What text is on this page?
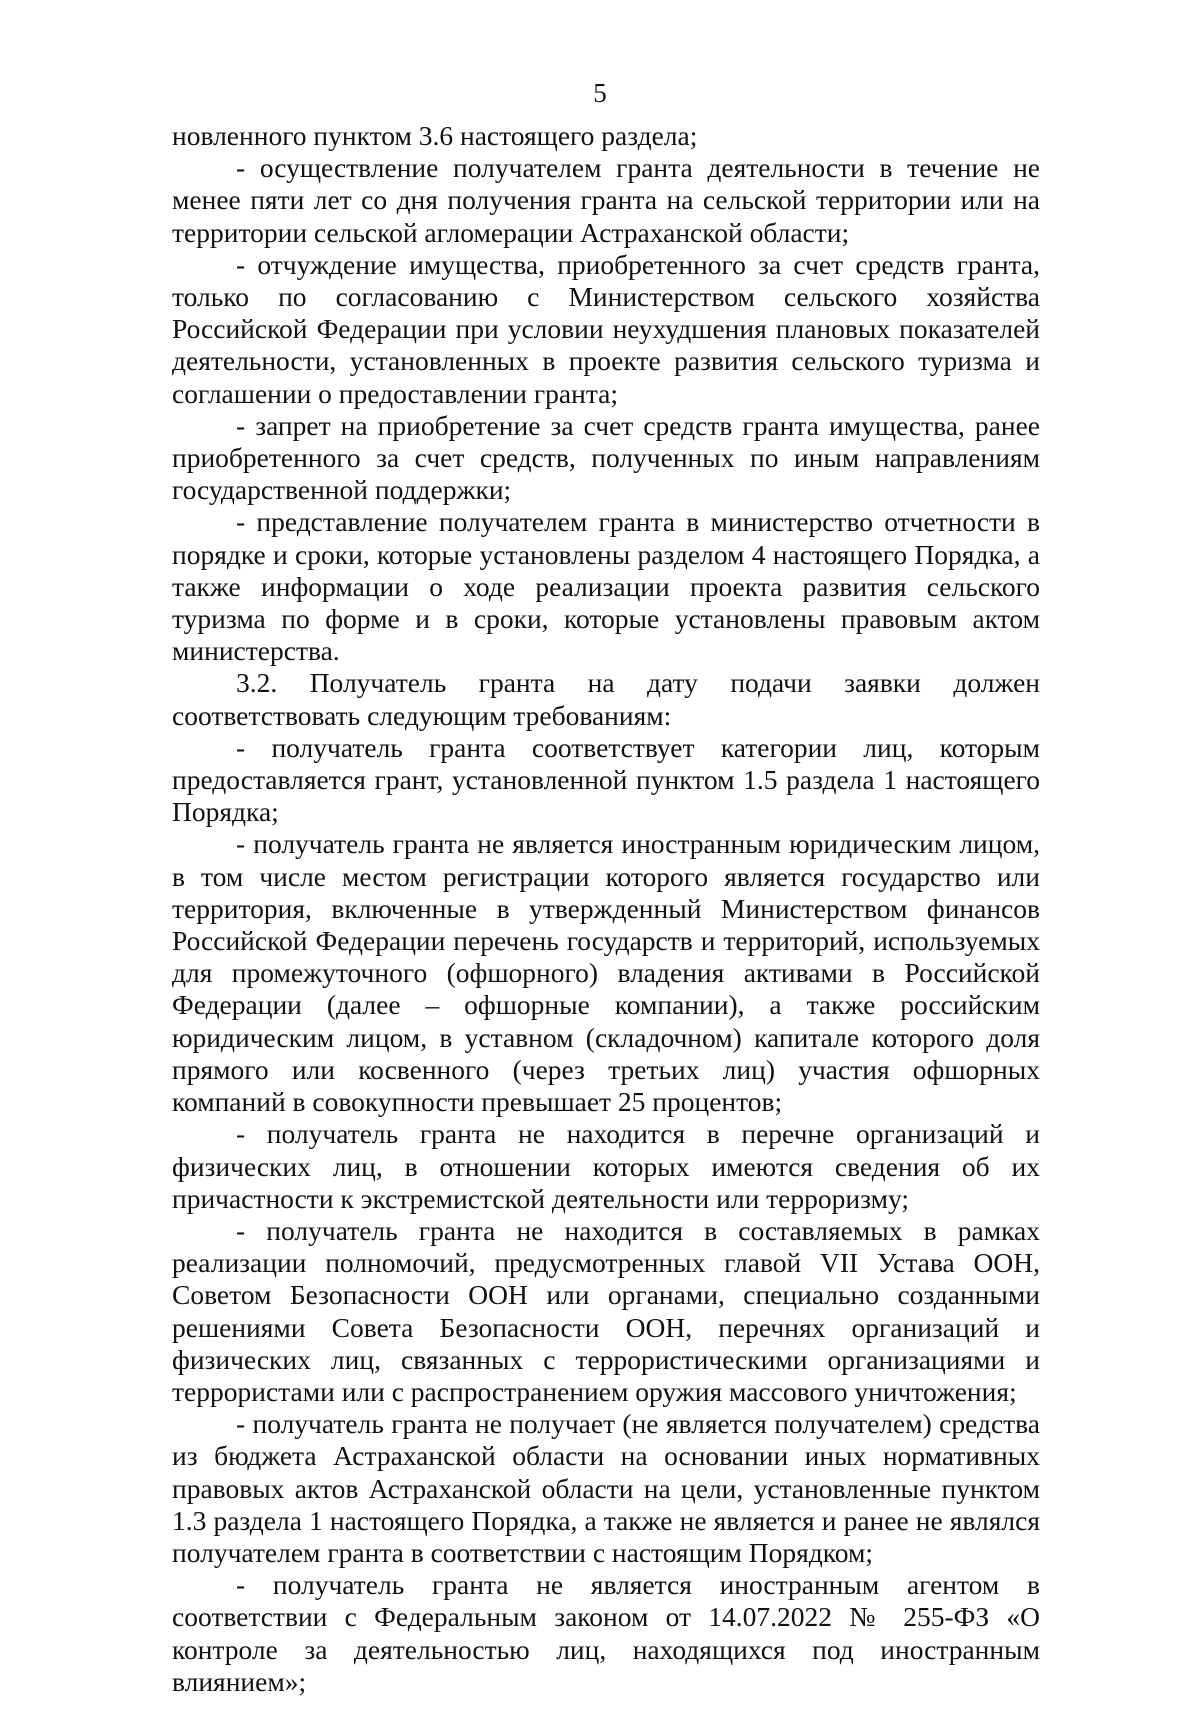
5

новленного пунктом 3.6 настоящего раздела;

- осуществление получателем гранта деятельности в течение не менее пяти лет со дня получения гранта на сельской территории или на территории сельской агломерации Астраханской области;

- отчуждение имущества, приобретенного за счет средств гранта, только по согласованию с Министерством сельского хозяйства Российской Федерации при условии неухудшения плановых показателей деятельности, установленных в проекте развития сельского туризма и соглашении о предоставлении гранта;

- запрет на приобретение за счет средств гранта имущества, ранее приобретенного за счет средств, полученных по иным направлениям государственной поддержки;

- представление получателем гранта в министерство отчетности в порядке и сроки, которые установлены разделом 4 настоящего Порядка, а также информации о ходе реализации проекта развития сельского туризма по форме и в сроки, которые установлены правовым актом министерства.

3.2. Получатель гранта на дату подачи заявки должен соответствовать следующим требованиям:

- получатель гранта соответствует категории лиц, которым предоставляется грант, установленной пунктом 1.5 раздела 1 настоящего Порядка;

- получатель гранта не является иностранным юридическим лицом, в том числе местом регистрации которого является государство или территория, включенные в утвержденный Министерством финансов Российской Федерации перечень государств и территорий, используемых для промежуточного (офшорного) владения активами в Российской Федерации (далее – офшорные компании), а также российским юридическим лицом, в уставном (складочном) капитале которого доля прямого или косвенного (через третьих лиц) участия офшорных компаний в совокупности превышает 25 процентов;

- получатель гранта не находится в перечне организаций и физических лиц, в отношении которых имеются сведения об их причастности к экстремистской деятельности или терроризму;

- получатель гранта не находится в составляемых в рамках реализации полномочий, предусмотренных главой VII Устава ООН, Советом Безопасности ООН или органами, специально созданными решениями Совета Безопасности ООН, перечнях организаций и физических лиц, связанных с террористическими организациями и террористами или с распространением оружия массового уничтожения;

- получатель гранта не получает (не является получателем) средства из бюджета Астраханской области на основании иных нормативных правовых актов Астраханской области на цели, установленные пунктом 1.3 раздела 1 настоящего Порядка, а также не является и ранее не являлся получателем гранта в соответствии с настоящим Порядком;

- получатель гранта не является иностранным агентом в соответствии с Федеральным законом от 14.07.2022 № 255-ФЗ «О контроле за деятельностью лиц, находящихся под иностранным влиянием»;
